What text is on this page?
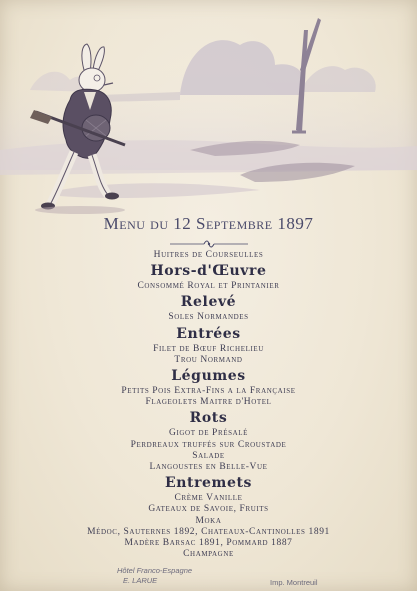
Menu du 12 Septembre 1897
Huitres de Courseulles
Hors-d'Œuvre
Consommé Royal et Printanier
Relevé
Soles Normandes
Entrées
Filet de Bœuf Richelieu
Trou Normand
Légumes
Petits Pois Extra-Fins a la Française
Flageolets Maitre d'Hotel
Rots
Gigot de Présalé
Perdreaux truffés sur Croustade
Salade
Langoustes en Belle-Vue
Entremets
Crème Vanille
Gateaux de Savoie, Fruits
Moka
Médoc, Sauternes 1892, Chateaux-Cantinolles 1891
Madère Barsac 1891, Pommard 1887
Champagne
Hôtel Franco-Espagne
E. LARUE	Imp. Montreuil
